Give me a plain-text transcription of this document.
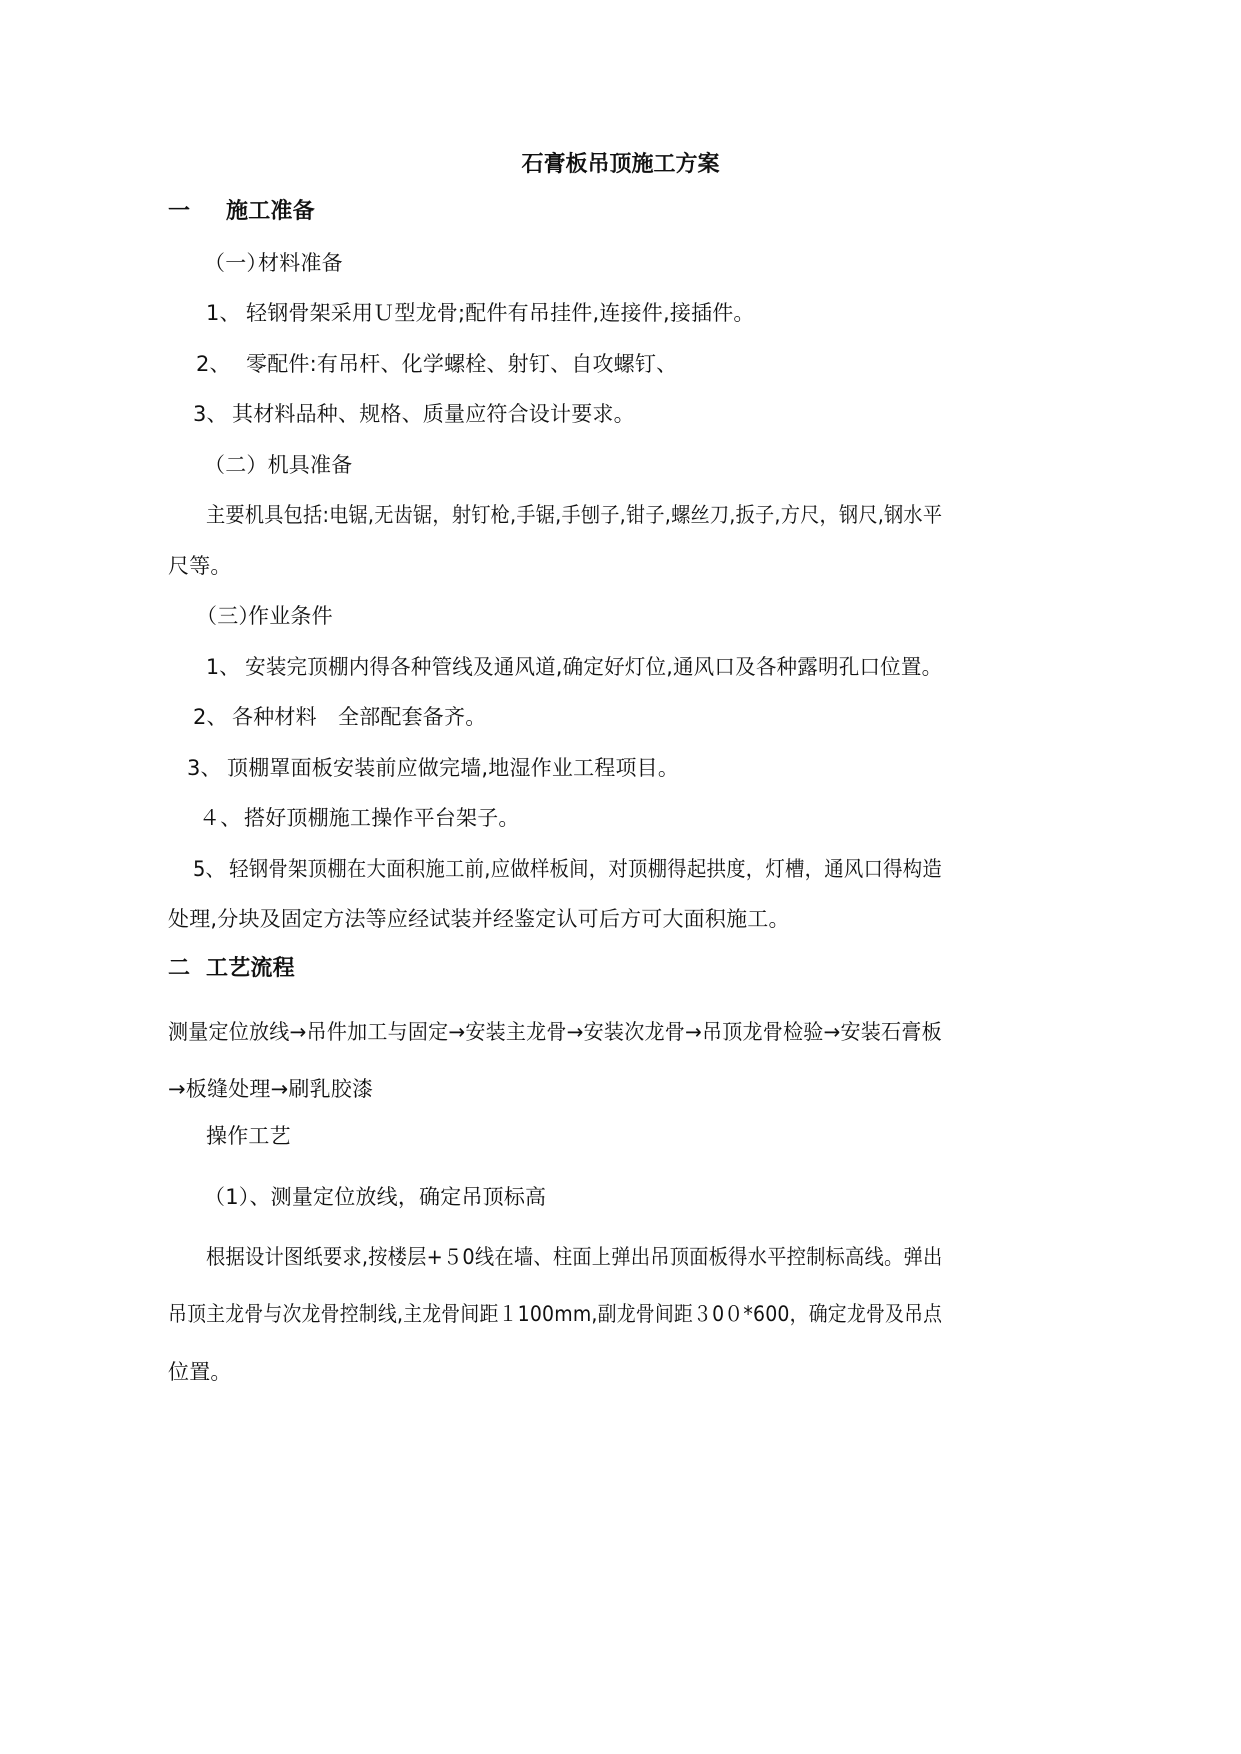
石膏板吊顶施工方案
一 施工准备
（一）材料准备
1、 轻钢骨架采用Ｕ型龙骨;配件有吊挂件,连接件,接插件。
2、 零配件:有吊杆、化学螺栓、射钉、自攻螺钉、
3、 其材料品种、规格、质量应符合设计要求。
（二）机具准备
主要机具包括:电锯,无齿锯，射钉枪,手锯,手刨子,钳子,螺丝刀,扳子,方尺，钢尺,钢水平
尺等。
（三）作业条件
1、 安装完顶棚内得各种管线及通风道,确定好灯位,通风口及各种露明孔口位置。
2、 各种材料　全部配套备齐。
3、 顶棚罩面板安装前应做完墙,地湿作业工程项目。
４、 搭好顶棚施工操作平台架子。
5、 轻钢骨架顶棚在大面积施工前,应做样板间，对顶棚得起拱度，灯槽，通风口得构造
处理,分块及固定方法等应经试装并经鉴定认可后方可大面积施工。
二 工艺流程
测量定位放线→吊件加工与固定→安装主龙骨→安装次龙骨→吊顶龙骨检验→安装石膏板
→板缝处理→刷乳胶漆
操作工艺
（1）、测量定位放线，确定吊顶标高
根据设计图纸要求,按楼层+５0线在墙、柱面上弹出吊顶面板得水平控制标高线。弹出
吊顶主龙骨与次龙骨控制线,主龙骨间距１100mm,副龙骨间距３0０*600，确定龙骨及吊点
位置。
